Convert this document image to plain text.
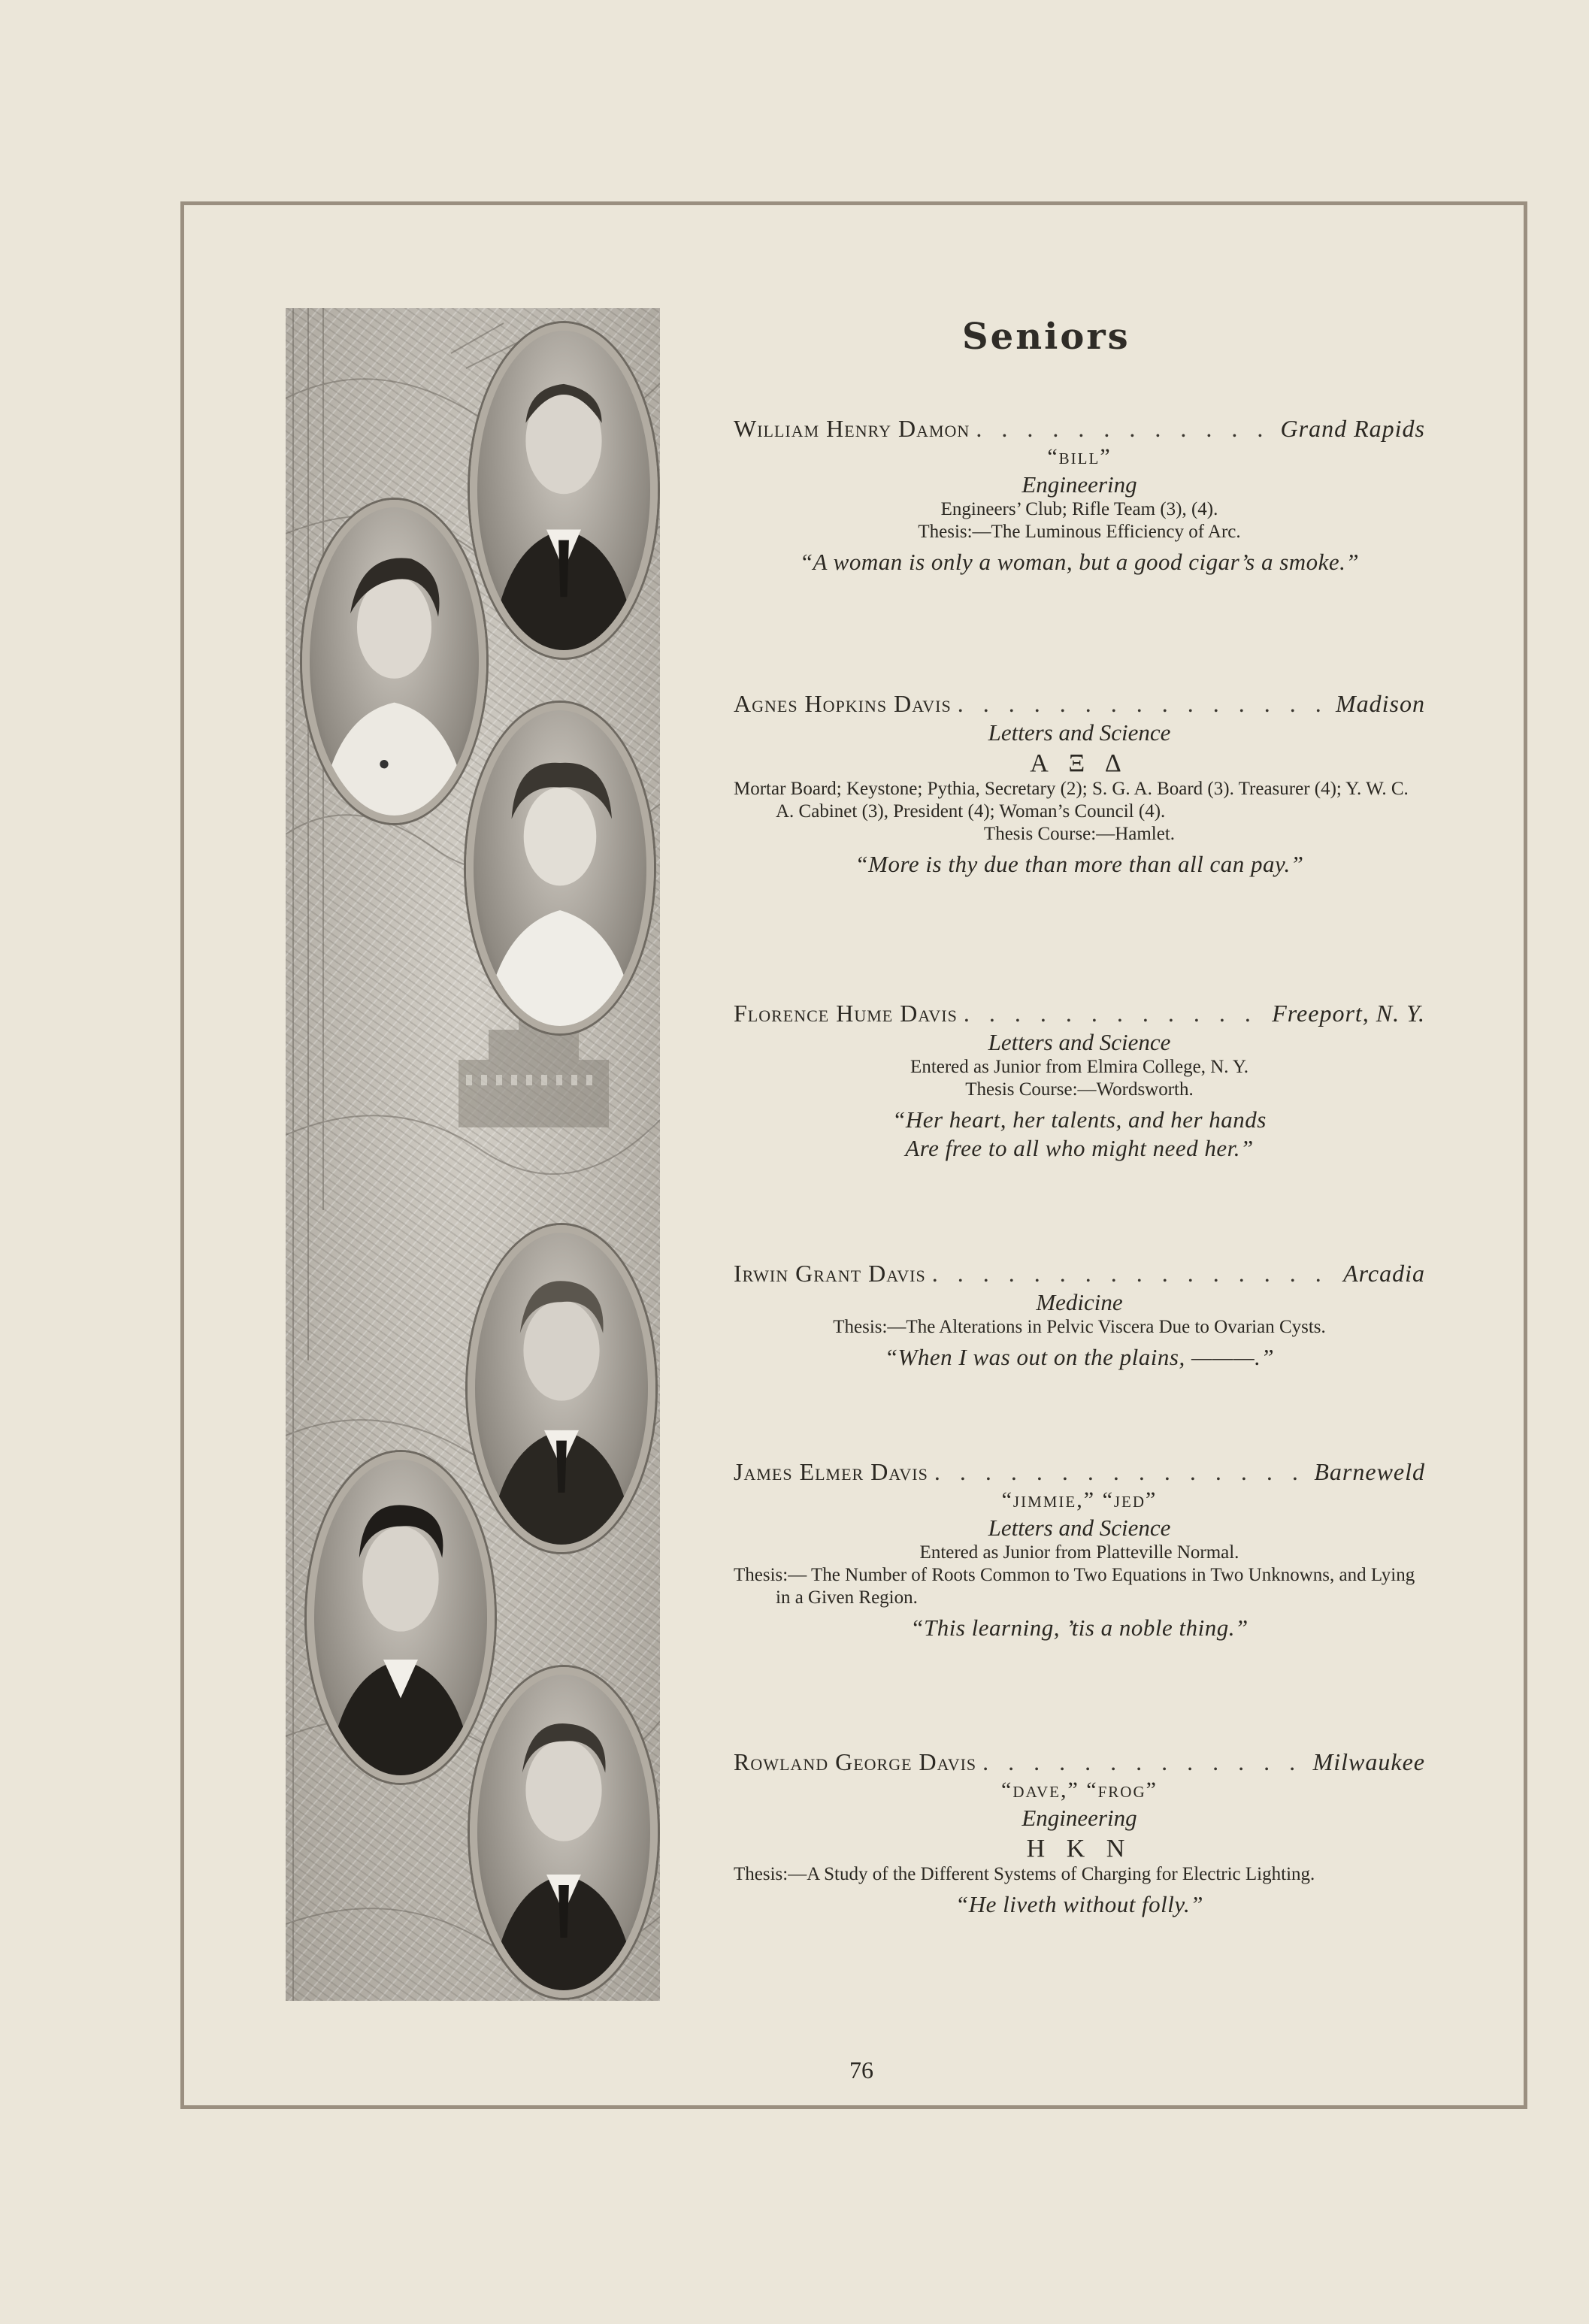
Seniors
William Henry Damon . . .	Grand Rapids
“bill”
Engineering
Engineers’ Club; Rifle Team (3), (4).
Thesis:—The Luminous Efficiency of Arc.
“A woman is only a woman, but a good cigar’s a smoke.”
Agnes Hopkins Davis . . .	Madison
Letters and Science
Α Ξ Δ
Mortar Board; Keystone; Pythia, Secretary (2); S. G. A. Board (3). Treasurer (4); Y. W. C. A. Cabinet (3), President (4); Woman’s Council (4).
Thesis Course:—Hamlet.
“More is thy due than more than all can pay.”
Florence Hume Davis . . .	Freeport, N. Y.
Letters and Science
Entered as Junior from Elmira College, N. Y.
Thesis Course:—Wordsworth.
“Her heart, her talents, and her hands
Are free to all who might need her.”
Irwin Grant Davis . . .	Arcadia
Medicine
Thesis:—The Alterations in Pelvic Viscera Due to Ovarian Cysts.
“When I was out on the plains, ———.”
James Elmer Davis . . .	Barneweld
“jimmie,” “jed”
Letters and Science
Entered as Junior from Platteville Normal.
Thesis:— The Number of Roots Common to Two Equations in Two Unknowns, and Lying in a Given Region.
“This learning, ’tis a noble thing.”
Rowland George Davis . . .	Milwaukee
“dave,” “frog”
Engineering
Η Κ Ν
Thesis:—A Study of the Different Systems of Charging for Electric Lighting.
“He liveth without folly.”
76
